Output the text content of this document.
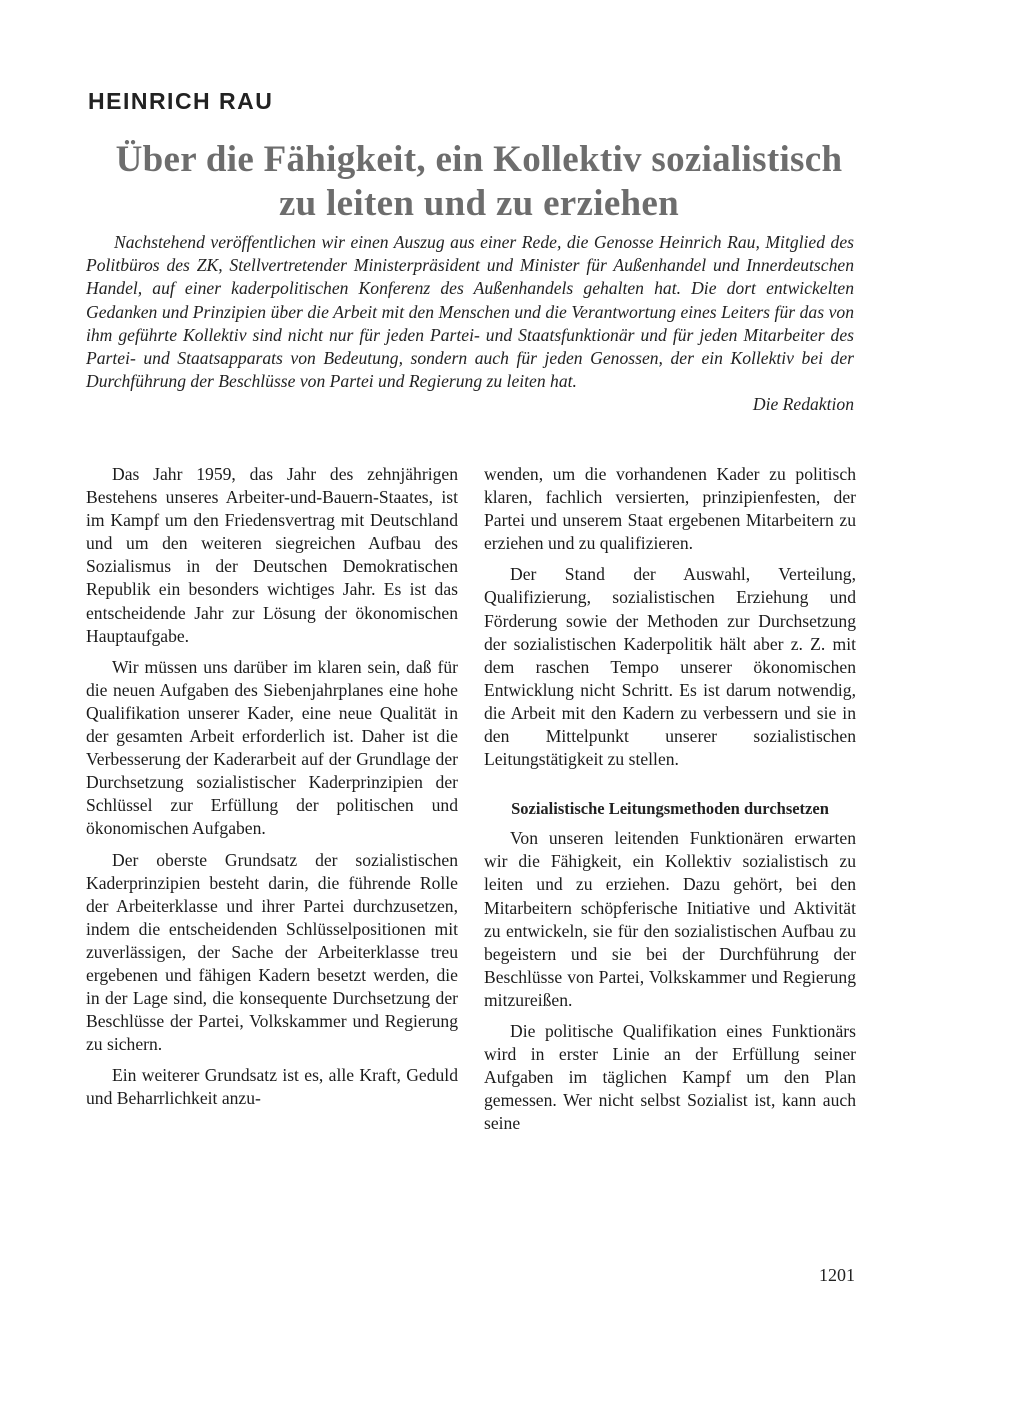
HEINRICH RAU
Über die Fähigkeit, ein Kollektiv sozialistisch
zu leiten und zu erziehen

Nachstehend veröffentlichen wir einen Auszug aus einer Rede, die Genosse Heinrich Rau, Mitglied des Politbüros des ZK, Stellvertretender Ministerpräsident und Minister für Außenhandel und Innerdeutschen Handel, auf einer kaderpolitischen Konferenz des Außenhandels gehalten hat. Die dort entwickelten Gedanken und Prinzipien über die Arbeit mit den Menschen und die Verantwortung eines Leiters für das von ihm geführte Kollektiv sind nicht nur für jeden Partei- und Staatsfunktionär und für jeden Mitarbeiter des Partei- und Staatsapparats von Bedeutung, sondern auch für jeden Genossen, der ein Kollektiv bei der Durchführung der Beschlüsse von Partei und Regierung zu leiten hat.

Die Redaktion

Das Jahr 1959, das Jahr des zehnjährigen Bestehens unseres Arbeiter-und-Bauern-Staates, ist im Kampf um den Friedensvertrag mit Deutschland und um den weiteren siegreichen Aufbau des Sozialismus in der Deutschen Demokratischen Republik ein besonders wichtiges Jahr. Es ist das entscheidende Jahr zur Lösung der ökonomischen Hauptaufgabe.

Wir müssen uns darüber im klaren sein, daß für die neuen Aufgaben des Siebenjahrplanes eine hohe Qualifikation unserer Kader, eine neue Qualität in der gesamten Arbeit erforderlich ist. Daher ist die Verbesserung der Kaderarbeit auf der Grundlage der Durchsetzung sozialistischer Kaderprinzipien der Schlüssel zur Erfüllung der politischen und ökonomischen Aufgaben.

Der oberste Grundsatz der sozialistischen Kaderprinzipien besteht darin, die führende Rolle der Arbeiterklasse und ihrer Partei durchzusetzen, indem die entscheidenden Schlüsselpositionen mit zuverlässigen, der Sache der Arbeiterklasse treu ergebenen und fähigen Kadern besetzt werden, die in der Lage sind, die konsequente Durchsetzung der Beschlüsse der Partei, Volkskammer und Regierung zu sichern.

Ein weiterer Grundsatz ist es, alle Kraft, Geduld und Beharrlichkeit anzu-

wenden, um die vorhandenen Kader zu politisch klaren, fachlich versierten, prinzipienfesten, der Partei und unserem Staat ergebenen Mitarbeitern zu erziehen und zu qualifizieren.

Der Stand der Auswahl, Verteilung, Qualifizierung, sozialistischen Erziehung und Förderung sowie der Methoden zur Durchsetzung der sozialistischen Kaderpolitik hält aber z. Z. mit dem raschen Tempo unserer ökonomischen Entwicklung nicht Schritt. Es ist darum notwendig, die Arbeit mit den Kadern zu verbessern und sie in den Mittelpunkt unserer sozialistischen Leitungstätigkeit zu stellen.

Sozialistische Leitungsmethoden durchsetzen

Von unseren leitenden Funktionären erwarten wir die Fähigkeit, ein Kollektiv sozialistisch zu leiten und zu erziehen. Dazu gehört, bei den Mitarbeitern schöpferische Initiative und Aktivität zu entwickeln, sie für den sozialistischen Aufbau zu begeistern und sie bei der Durchführung der Beschlüsse von Partei, Volkskammer und Regierung mitzureißen.

Die politische Qualifikation eines Funktionärs wird in erster Linie an der Erfüllung seiner Aufgaben im täglichen Kampf um den Plan gemessen. Wer nicht selbst Sozialist ist, kann auch seine

1201
